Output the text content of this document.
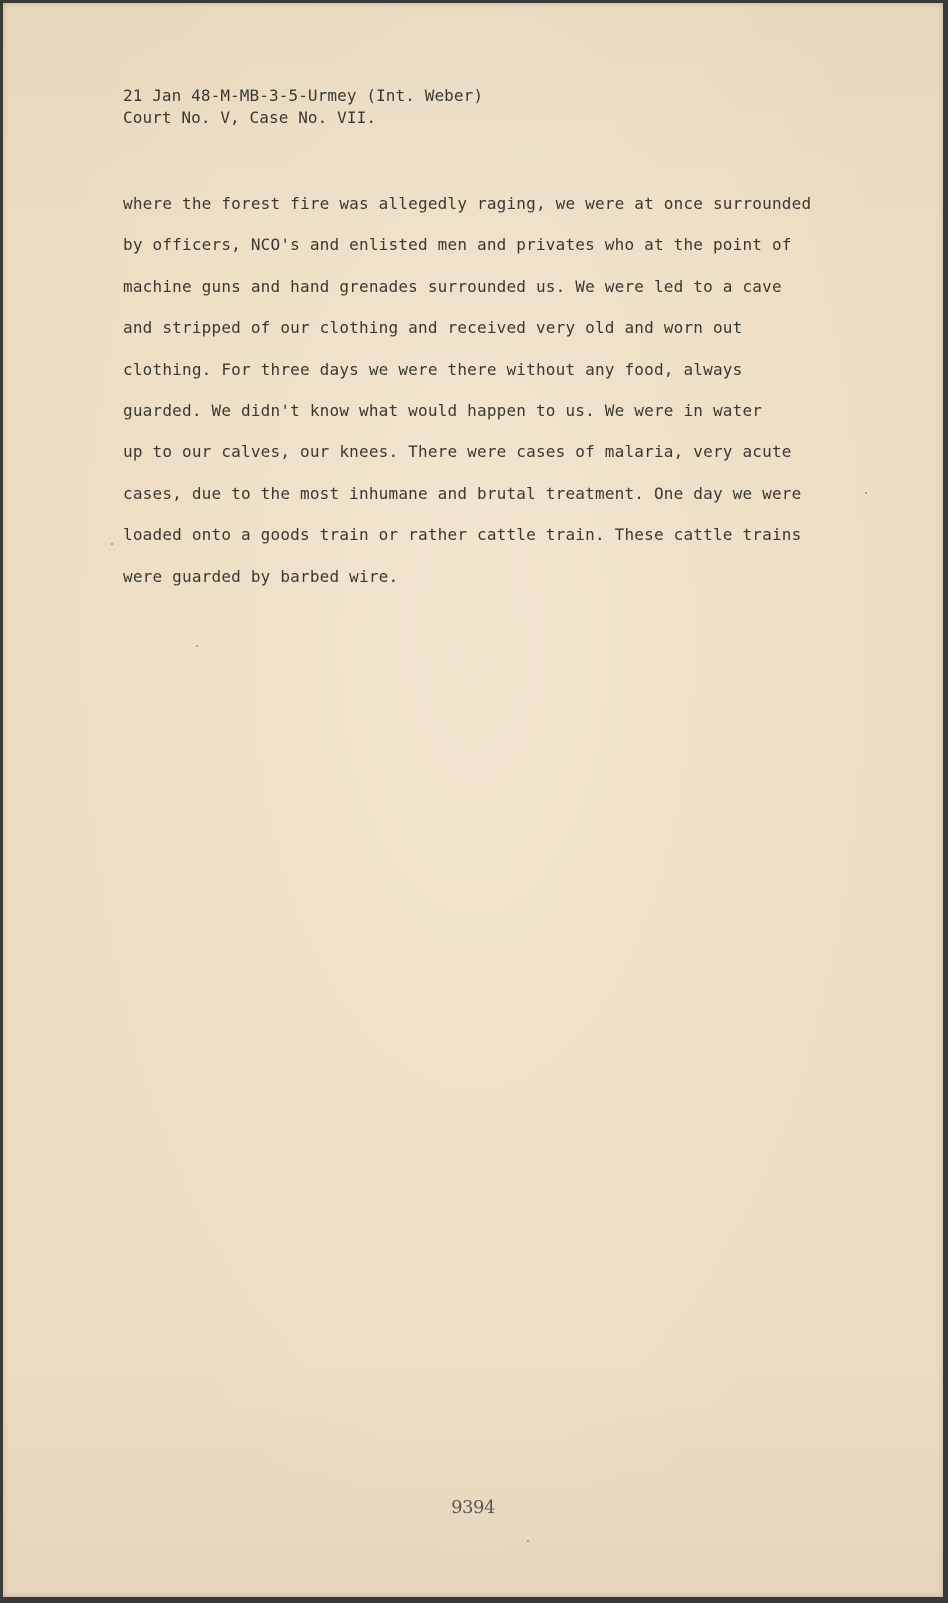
21 Jan 48-M-MB-3-5-Urmey (Int. Weber)
Court No. V, Case No. VII.
where the forest fire was allegedly raging, we were at once surrounded
by officers, NCO's and enlisted men and privates who at the point of
machine guns and hand grenades surrounded us. We were led to a cave
and stripped of our clothing and received very old and worn out
clothing. For three days we were there without any food, always
guarded. We didn't know what would happen to us. We were in water
up to our calves, our knees. There were cases of malaria, very acute
cases, due to the most inhumane and brutal treatment. One day we were
loaded onto a goods train or rather cattle train. These cattle trains
were guarded by barbed wire.
9394
